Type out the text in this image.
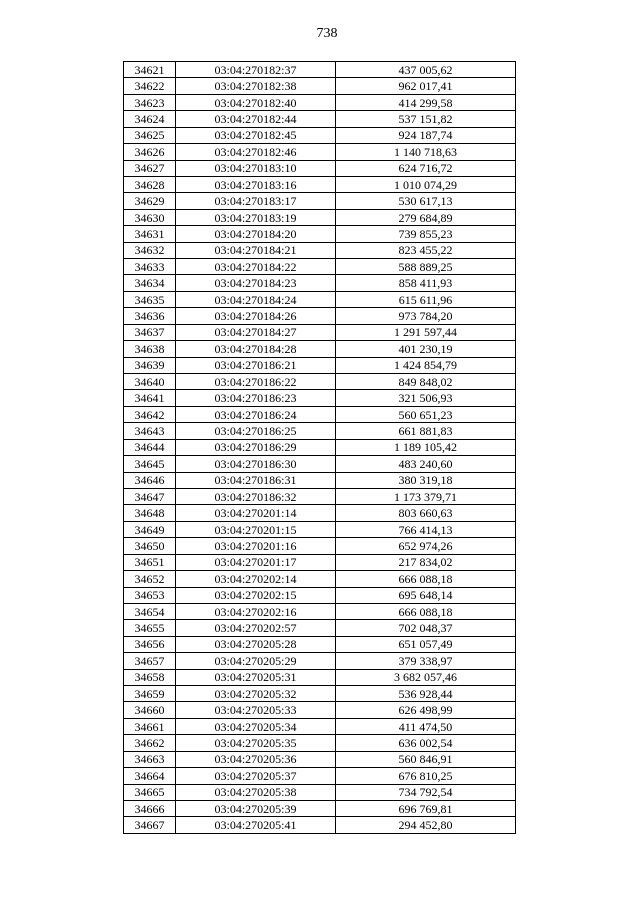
738
34621	03:04:270182:37	437 005,62
34622	03:04:270182:38	962 017,41
34623	03:04:270182:40	414 299,58
34624	03:04:270182:44	537 151,82
34625	03:04:270182:45	924 187,74
34626	03:04:270182:46	1 140 718,63
34627	03:04:270183:10	624 716,72
34628	03:04:270183:16	1 010 074,29
34629	03:04:270183:17	530 617,13
34630	03:04:270183:19	279 684,89
34631	03:04:270184:20	739 855,23
34632	03:04:270184:21	823 455,22
34633	03:04:270184:22	588 889,25
34634	03:04:270184:23	858 411,93
34635	03:04:270184:24	615 611,96
34636	03:04:270184:26	973 784,20
34637	03:04:270184:27	1 291 597,44
34638	03:04:270184:28	401 230,19
34639	03:04:270186:21	1 424 854,79
34640	03:04:270186:22	849 848,02
34641	03:04:270186:23	321 506,93
34642	03:04:270186:24	560 651,23
34643	03:04:270186:25	661 881,83
34644	03:04:270186:29	1 189 105,42
34645	03:04:270186:30	483 240,60
34646	03:04:270186:31	380 319,18
34647	03:04:270186:32	1 173 379,71
34648	03:04:270201:14	803 660,63
34649	03:04:270201:15	766 414,13
34650	03:04:270201:16	652 974,26
34651	03:04:270201:17	217 834,02
34652	03:04:270202:14	666 088,18
34653	03:04:270202:15	695 648,14
34654	03:04:270202:16	666 088,18
34655	03:04:270202:57	702 048,37
34656	03:04:270205:28	651 057,49
34657	03:04:270205:29	379 338,97
34658	03:04:270205:31	3 682 057,46
34659	03:04:270205:32	536 928,44
34660	03:04:270205:33	626 498,99
34661	03:04:270205:34	411 474,50
34662	03:04:270205:35	636 002,54
34663	03:04:270205:36	560 846,91
34664	03:04:270205:37	676 810,25
34665	03:04:270205:38	734 792,54
34666	03:04:270205:39	696 769,81
34667	03:04:270205:41	294 452,80
